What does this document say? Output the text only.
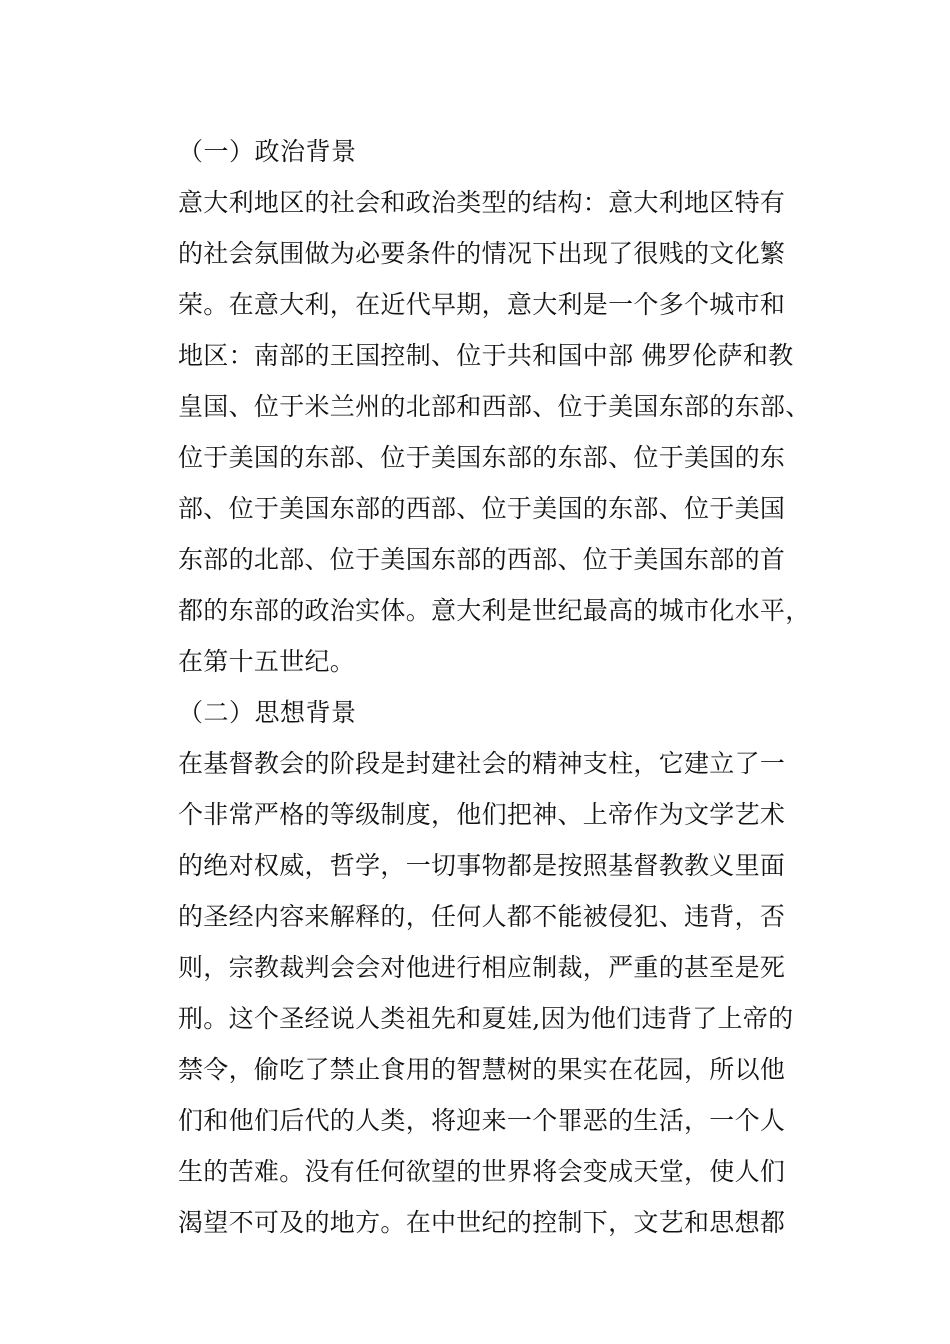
（一）政治背景
意大利地区的社会和政治类型的结构：意大利地区特有
的社会氛围做为必要条件的情况下出现了很贱的文化繁
荣。在意大利，在近代早期，意大利是一个多个城市和
地区：南部的王国控制、位于共和国中部 佛罗伦萨和教
皇国、位于米兰州的北部和西部、位于美国东部的东部、
位于美国的东部、位于美国东部的东部、位于美国的东
部、位于美国东部的西部、位于美国的东部、位于美国
东部的北部、位于美国东部的西部、位于美国东部的首
都的东部的政治实体。意大利是世纪最高的城市化水平，
在第十五世纪。
（二）思想背景
在基督教会的阶段是封建社会的精神支柱，它建立了一
个非常严格的等级制度，他们把神、上帝作为文学艺术
的绝对权威，哲学，一切事物都是按照基督教教义里面
的圣经内容来解释的，任何人都不能被侵犯、违背，否
则，宗教裁判会会对他进行相应制裁，严重的甚至是死
刑。这个圣经说人类祖先和夏娃,因为他们违背了上帝的
禁令，偷吃了禁止食用的智慧树的果实在花园，所以他
们和他们后代的人类，将迎来一个罪恶的生活，一个人
生的苦难。没有任何欲望的世界将会变成天堂，使人们
渴望不可及的地方。在中世纪的控制下，文艺和思想都
